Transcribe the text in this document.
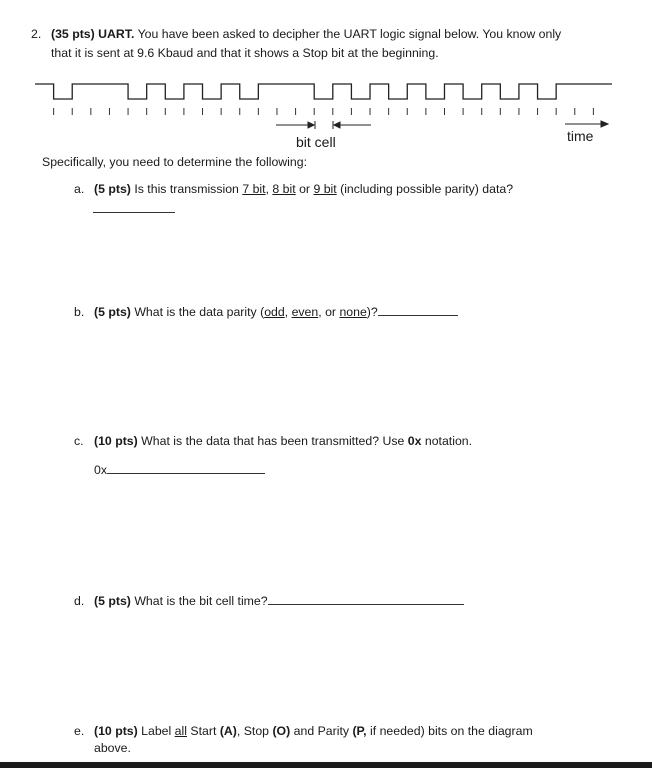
2. (35 pts) UART. You have been asked to decipher the UART logic signal below. You know only
that it is sent at 9.6 Kbaud and that it shows a Stop bit at the beginning.
bit cell	time
Specifically, you need to determine the following:
a. (5 pts) Is this transmission 7 bit, 8 bit or 9 bit (including possible parity) data?
b. (5 pts) What is the data parity (odd, even, or none)?
c. (10 pts) What is the data that has been transmitted? Use 0x notation.
0x
d. (5 pts) What is the bit cell time?
e. (10 pts) Label all Start (A), Stop (O) and Parity (P, if needed) bits on the diagram
above.
